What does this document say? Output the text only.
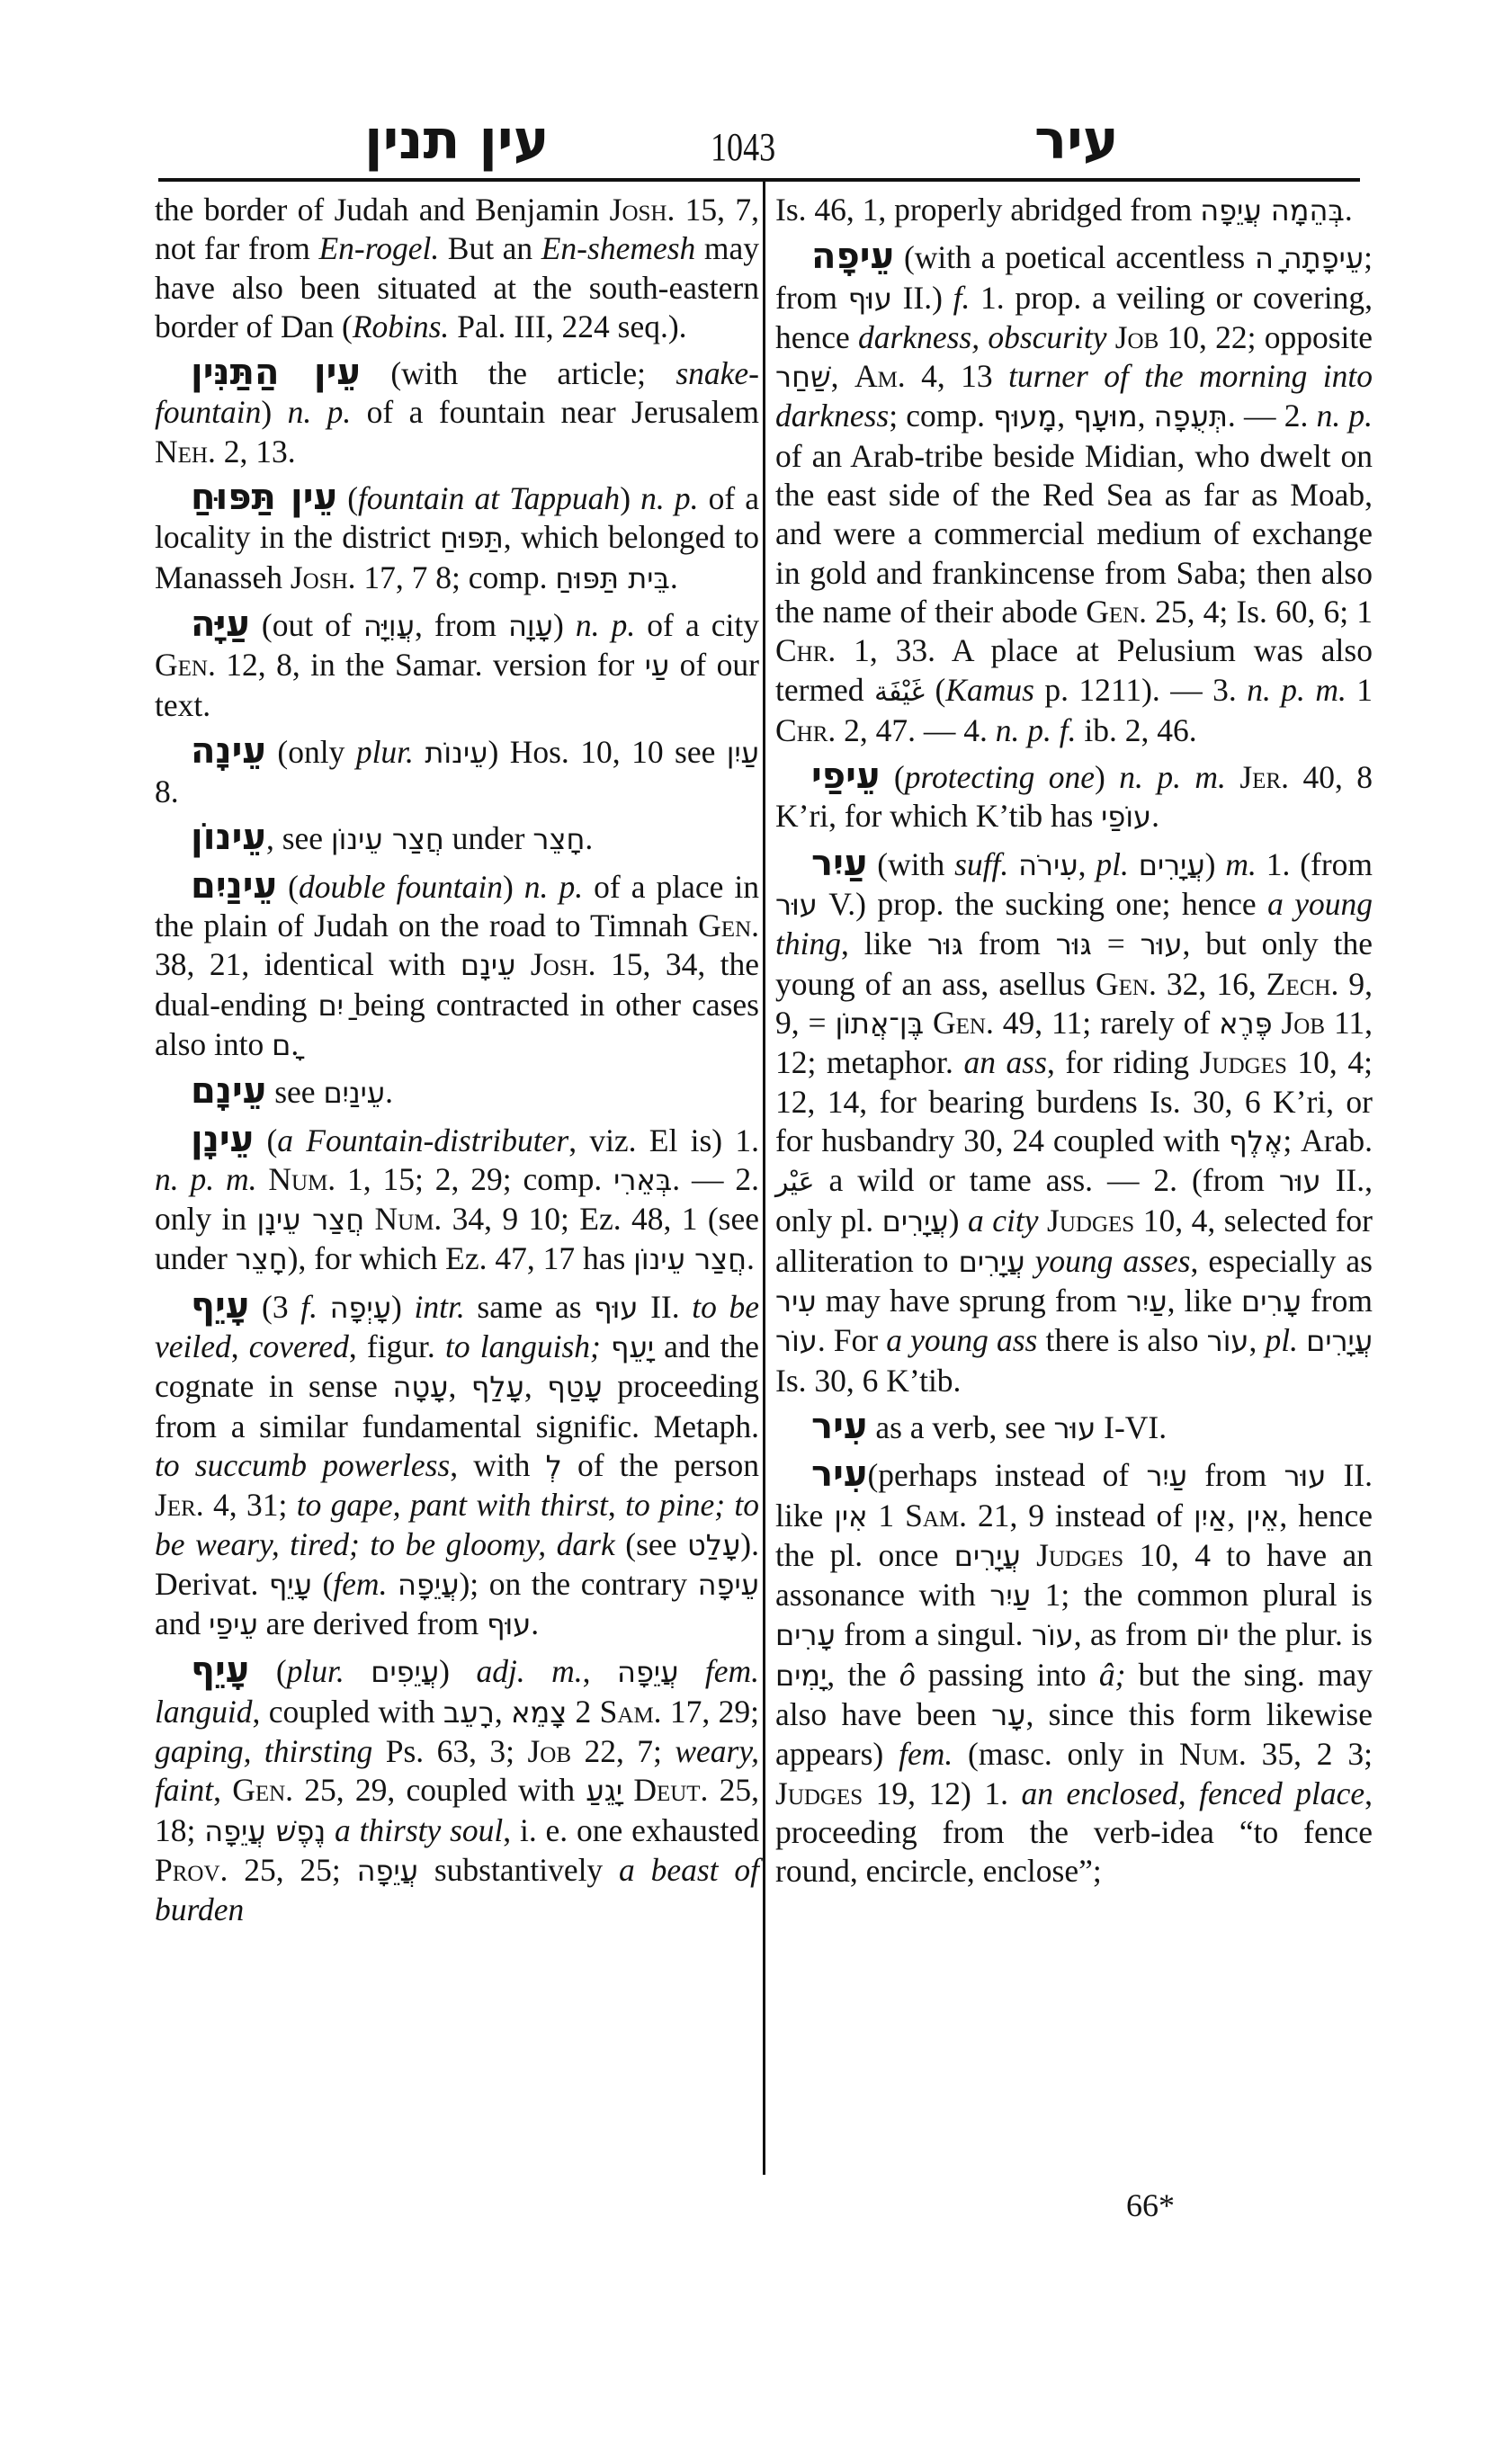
עין תנין	1043	עיר

the border of Judah and Benjamin Josh. 15, 7, not far from En-rogel. But an En-shemesh may have also been situated at the south-eastern border of Dan (Robins. Pal. III, 224 seq.).

עֵין הַתַּנִּין (with the article; snake-fountain) n. p. of a fountain near Jerusalem Neh. 2, 13.

עֵין תַּפּוּחַ (fountain at Tappuah) n. p. of a locality in the district תַּפּוּחַ, which belonged to Manasseh Josh. 17, 7 8; comp. בֵּית תַּפּוּחַ.

עַיָּה (out of עֲוִיָּה, from עָוָה) n. p. of a city Gen. 12, 8, in the Samar. version for עַי of our text.

עֵינָה (only plur. עֵינוֹת) Hos. 10, 10 see עַיִן 8.

עֵינוֹן, see חֲצַר עֵינוֹן under חָצֵר.

עֵינַיִם (double fountain) n. p. of a place in the plain of Judah on the road to Timnah Gen. 38, 21, identical with עֵינָם Josh. 15, 34, the dual-ending ַיִם being contracted in other cases also into ָם.

עֵינָם see עֵינַיִם.

עֵינָן (a Fountain-distributer, viz. El is) 1. n. p. m. Num. 1, 15; 2, 29; comp. בְּאֵרִי. — 2. only in חֲצַר עֵינָן Num. 34, 9 10; Ez. 48, 1 (see under חָצֵר), for which Ez. 47, 17 has חֲצַר עֵינוֹן.

עָיֵף (3 f. עָיְפָה) intr. same as עוּף II. to be veiled, covered, figur. to languish; יָעֵף and the cognate in sense עָטָה, עָלַף, עָטַף proceeding from a similar fundamental signific. Metaph. to succumb powerless, with לְ of the person Jer. 4, 31; to gape, pant with thirst, to pine; to be weary, tired; to be gloomy, dark (see עָלַט). Derivat. עָיֵף (fem. עֲיֵפָה); on the contrary עֵיפָה and עֵיפַי are derived from עוּף.

עָיֵף (plur. עֲיֵפִים) adj. m., עֲיֵפָה fem. languid, coupled with רָעֵב, צָמֵא 2 Sam. 17, 29; gaping, thirsting Ps. 63, 3; Job 22, 7; weary, faint, Gen. 25, 29, coupled with יָגֵעַ Deut. 25, 18; נֶפֶשׁ עֲיֵפָה a thirsty soul, i. e. one exhausted Prov. 25, 25; עֲיֵפָה substantively a beast of burden

Is. 46, 1, properly abridged from בְּהֵמָה עֲיֵפָה.

עֵיפָה (with a poetical accentless ָה עֵיפָתָה; from עוּף II.) f. 1. prop. a veiling or covering, hence darkness, obscurity Job 10, 22; opposite שַׁחַר, Am. 4, 13 turner of the morning into darkness; comp. מָעוּף, מוּעָף, תְּעֻפָה. — 2. n. p. of an Arab-tribe beside Midian, who dwelt on the east side of the Red Sea as far as Moab, and were a commercial medium of exchange in gold and frankincense from Saba; then also the name of their abode Gen. 25, 4; Is. 60, 6; 1 Chr. 1, 33. A place at Pelusium was also termed غَيْفَة (Kamus p. 1211). — 3. n. p. m. 1 Chr. 2, 47. — 4. n. p. f. ib. 2, 46.

עֵיפַי (protecting one) n. p. m. Jer. 40, 8 K’ri, for which K’tib has עוֹפַי.

עַיִר (with suff. עִירֹה, pl. עֲיָרִים) m. 1. (from עוּר V.) prop. the sucking one; hence a young thing, like גּוּר from גּוּר = עוּר, but only the young of an ass, asellus Gen. 32, 16, Zech. 9, 9, = בֶּן־אֲתוֹן Gen. 49, 11; rarely of פֶּרֶא Job 11, 12; metaphor. an ass, for riding Judges 10, 4; 12, 14, for bearing burdens Is. 30, 6 K’ri, or for husbandry 30, 24 coupled with אֶלֶף; Arab. عَيْر a wild or tame ass. — 2. (from עוּר II., only pl. עֲיָרִים) a city Judges 10, 4, selected for alliteration to עֲיָרִים young asses, especially as עִיר may have sprung from עַיִר, like עָרִים from עוֹר. For a young ass there is also עוֹר, pl. עֲיָרִים Is. 30, 6 K’tib.

עִיר as a verb, see עוּר I-VI.

עִיר(perhaps instead of עַיִר from עוּר II. like אִין 1 Sam. 21, 9 instead of אַיִן, אֵין, hence the pl. once עֲיָרִים Judges 10, 4 to have an assonance with עַיִר 1; the common plural is עָרִים from a singul. עוֹר, as from יוֹם the plur. is יָמִים, the ô passing into â; but the sing. may also have been עָר, since this form likewise appears) fem. (masc. only in Num. 35, 2 3; Judges 19, 12) 1. an enclosed, fenced place, proceeding from the verb-idea “to fence round, encircle, enclose”;

66*
